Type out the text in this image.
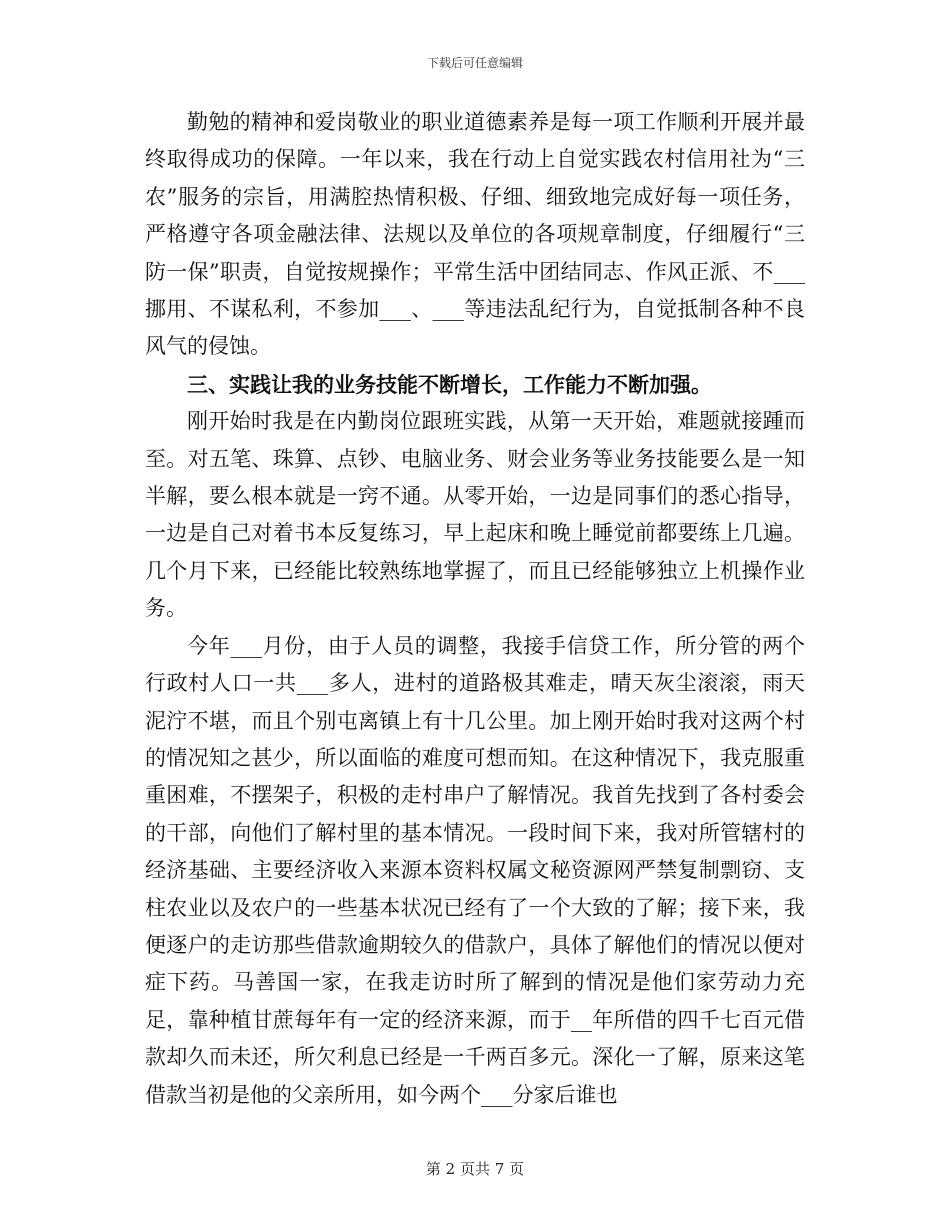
下载后可任意编辑

勤勉的精神和爱岗敬业的职业道德素养是每一项工作顺利开展并最终取得成功的保障。一年以来，我在行动上自觉实践农村信用社为“三农”服务的宗旨，用满腔热情积极、仔细、细致地完成好每一项任务，严格遵守各项金融法律、法规以及单位的各项规章制度，仔细履行“三防一保”职责，自觉按规操作；平常生活中团结同志、作风正派、不___挪用、不谋私利，不参加___、___等违法乱纪行为，自觉抵制各种不良风气的侵蚀。

三、实践让我的业务技能不断增长，工作能力不断加强。

刚开始时我是在内勤岗位跟班实践，从第一天开始，难题就接踵而至。对五笔、珠算、点钞、电脑业务、财会业务等业务技能要么是一知半解，要么根本就是一窍不通。从零开始，一边是同事们的悉心指导，一边是自己对着书本反复练习，早上起床和晚上睡觉前都要练上几遍。几个月下来，已经能比较熟练地掌握了，而且已经能够独立上机操作业务。

今年___月份，由于人员的调整，我接手信贷工作，所分管的两个行政村人口一共___多人，进村的道路极其难走，晴天灰尘滚滚，雨天泥泞不堪，而且个别屯离镇上有十几公里。加上刚开始时我对这两个村的情况知之甚少，所以面临的难度可想而知。在这种情况下，我克服重重困难，不摆架子，积极的走村串户了解情况。我首先找到了各村委会的干部，向他们了解村里的基本情况。一段时间下来，我对所管辖村的经济基础、主要经济收入来源本资料权属文秘资源网严禁复制剽窃、支柱农业以及农户的一些基本状况已经有了一个大致的了解；接下来，我便逐户的走访那些借款逾期较久的借款户，具体了解他们的情况以便对症下药。马善国一家，在我走访时所了解到的情况是他们家劳动力充足，靠种植甘蔗每年有一定的经济来源，而于__年所借的四千七百元借款却久而未还，所欠利息已经是一千两百多元。深化一了解，原来这笔借款当初是他的父亲所用，如今两个___分家后谁也

第 2 页共 7 页
